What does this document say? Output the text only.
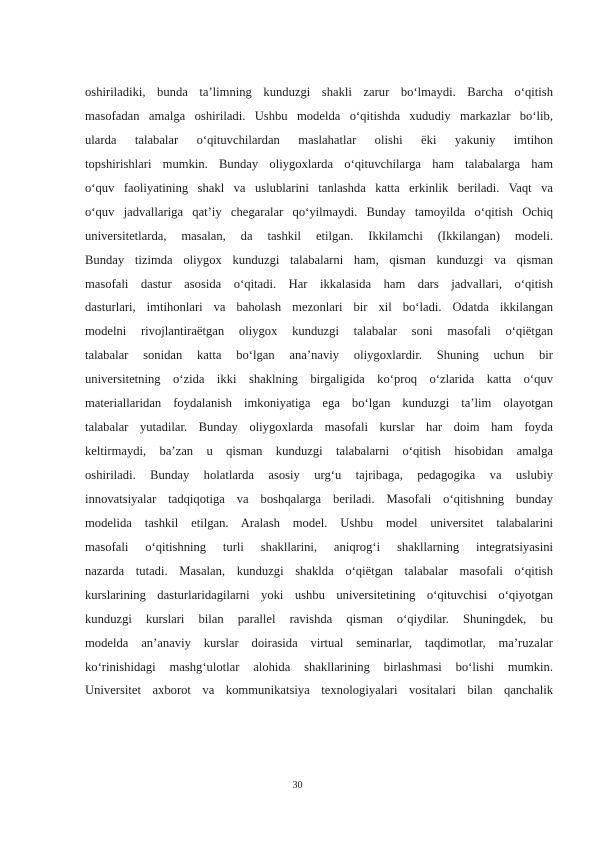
oshiriladiki, bunda ta’limning kunduzgi shakli zarur bo‘lmaydi. Barcha o‘qitish
masofadan amalga oshiriladi. Ushbu modelda o‘qitishda xududiy markazlar bo‘lib,
ularda talabalar o‘qituvchilardan maslahatlar olishi ёki yakuniy imtihon
topshirishlari mumkin. Bunday oliygoxlarda o‘qituvchilarga ham talabalarga ham
o‘quv faoliyatining shakl va uslublarini tanlashda katta erkinlik beriladi. Vaqt va
o‘quv jadvallariga qat’iy chegaralar qo‘yilmaydi. Bunday tamoyilda o‘qitish Ochiq
universitetlarda, masalan, da tashkil etilgan. Ikkilamchi (Ikkilangan) modeli.
Bunday tizimda oliygox kunduzgi talabalarni ham, qisman kunduzgi va qisman
masofali dastur asosida o‘qitadi. Har ikkalasida ham dars jadvallari, o‘qitish
dasturlari, imtihonlari va baholash mezonlari bir xil bo‘ladi. Odatda ikkilangan
modelni rivojlantiraёtgan oliygox kunduzgi talabalar soni masofali o‘qiёtgan
talabalar sonidan katta bo‘lgan ana’naviy oliygoxlardir. Shuning uchun bir
universitetning o‘zida ikki shaklning birgaligida ko‘proq o‘zlarida katta o‘quv
materiallaridan foydalanish imkoniyatiga ega bo‘lgan kunduzgi ta’lim olayotgan
talabalar yutadilar. Bunday oliygoxlarda masofali kurslar har doim ham foyda
keltirmaydi, ba’zan u qisman kunduzgi talabalarni o‘qitish hisobidan amalga
oshiriladi. Bunday holatlarda asosiy urg‘u tajribaga, pedagogika va uslubiy
innovatsiyalar tadqiqotiga va boshqalarga beriladi. Masofali o‘qitishning bunday
modelida tashkil etilgan. Aralash model. Ushbu model universitet talabalarini
masofali o‘qitishning turli shakllarini, aniqrog‘i shakllarning integratsiyasini
nazarda tutadi. Masalan, kunduzgi shaklda o‘qiёtgan talabalar masofali o‘qitish
kurslarining dasturlaridagilarni yoki ushbu universitetining o‘qituvchisi o‘qiyotgan
kunduzgi kurslari bilan parallel ravishda qisman o‘qiydilar. Shuningdek, bu
modelda an’anaviy kurslar doirasida virtual seminarlar, taqdimotlar, ma’ruzalar
ko‘rinishidagi mashg‘ulotlar alohida shakllarining birlashmasi bo‘lishi mumkin.
Universitet axborot va kommunikatsiya texnologiyalari vositalari bilan qanchalik
30
